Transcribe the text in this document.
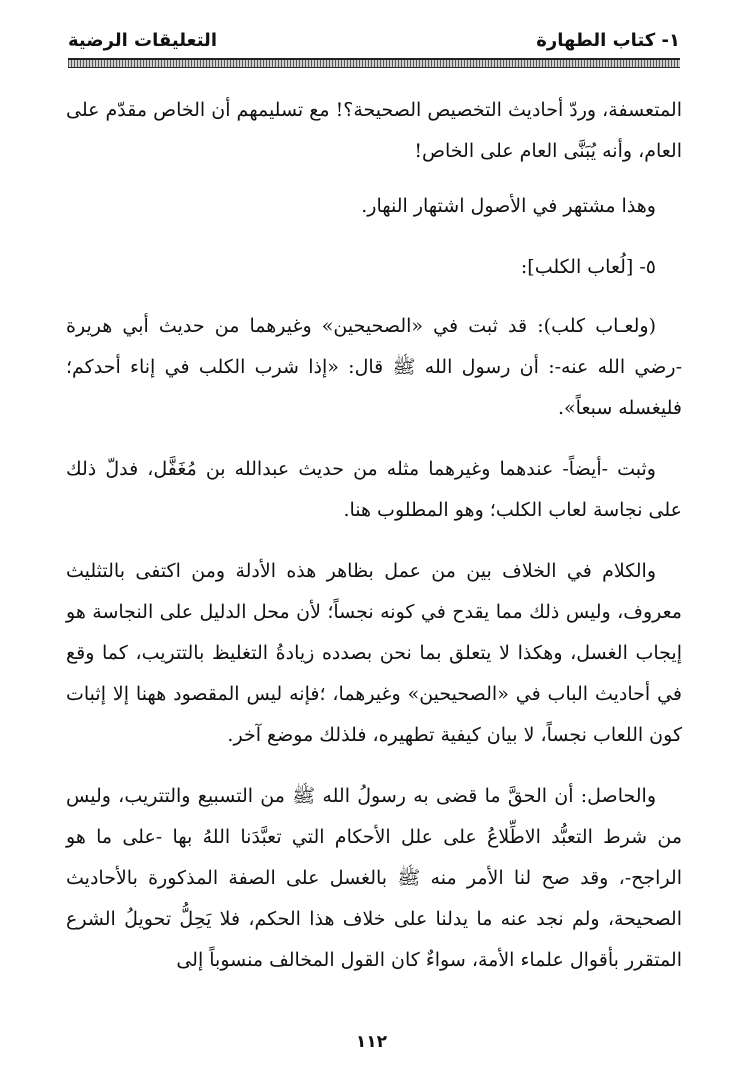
١- كتاب الطهارة
التعليقات الرضية

المتعسفة، وردّ أحاديث التخصيص الصحيحة؟! مع تسليمهم أن الخاص مقدّم على العام، وأنه يُبَنَّى العام على الخاص!

وهذا مشتهر في الأصول اشتهار النهار.

٥- [لُعاب الكلب]:

(ولعـاب كلب): قد ثبت في «الصحيحين» وغيرهما من حديث أبي هريرة -رضي الله عنه-: أن رسول الله ﷺ قال: «إذا شرب الكلب في إناء أحدكم؛ فليغسله سبعاً».

وثبت -أيضاً- عندهما وغيرهما مثله من حديث عبدالله بن مُغَفَّل، فدلّ ذلك على نجاسة لعاب الكلب؛ وهو المطلوب هنا.

والكلام في الخلاف بين من عمل بظاهر هذه الأدلة ومن اكتفى بالتثليث معروف، وليس ذلك مما يقدح في كونه نجساً؛ لأن محل الدليل على النجاسة هو إيجاب الغسل، وهكذا لا يتعلق بما نحن بصدده زيادةُ التغليظ بالتتريب، كما وقع في أحاديث الباب في «الصحيحين» وغيرهما، ؛فإنه ليس المقصود ههنا إلا إثبات كون اللعاب نجساً، لا بيان كيفية تطهيره، فلذلك موضع آخر.

والحاصل: أن الحقَّ ما قضى به رسولُ الله ﷺ من التسبيع والتتريب، وليس من شرط التعبُّد الاطِّلاعُ على علل الأحكام التي تعبَّدَنا اللهُ بها -على ما هو الراجح-، وقد صح لنا الأمر منه ﷺ بالغسل على الصفة المذكورة بالأحاديث الصحيحة، ولم نجد عنه ما يدلنا على خلاف هذا الحكم، فلا يَحِلُّ تحويلُ الشرع المتقرر بأقوال علماء الأمة، سواءٌ كان القول المخالف منسوباً إلى

١١٢
